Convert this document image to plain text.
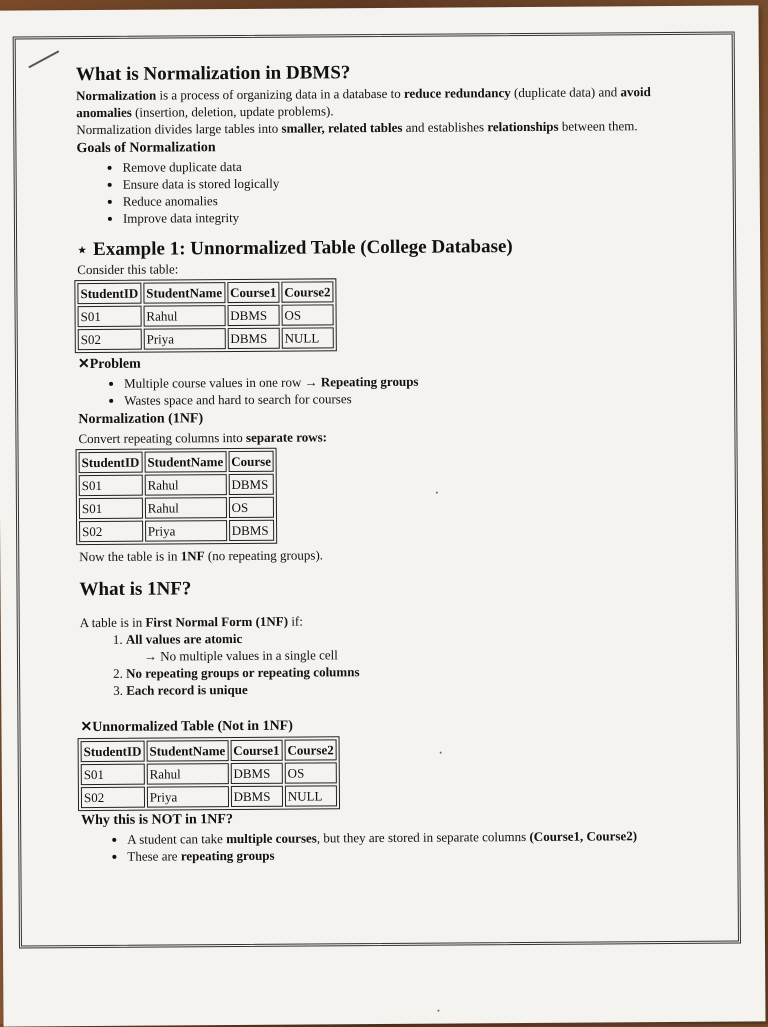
What is Normalization in DBMS?

Normalization is a process of organizing data in a database to reduce redundancy (duplicate data) and avoid anomalies (insertion, deletion, update problems).

Normalization divides large tables into smaller, related tables and establishes relationships between them.

Goals of Normalization
• Remove duplicate data
• Ensure data is stored logically
• Reduce anomalies
• Improve data integrity
⋆ Example 1: Unnormalized Table (College Database)

Consider this table:

StudentID	StudentName	Course1	Course2
S01	Rahul	DBMS	OS
S02	Priya	DBMS	NULL
✕Problem
• Multiple course values in one row → Repeating groups
• Wastes space and hard to search for courses
Normalization (1NF)

Convert repeating columns into separate rows:

StudentID	StudentName	Course
S01	Rahul	DBMS
S01	Rahul	OS
S02	Priya	DBMS

Now the table is in 1NF (no repeating groups).

What is 1NF?

A table is in First Normal Form (1NF) if:

1. All values are atomic
→ No multiple values in a single cell
2. No repeating groups or repeating columns
3. Each record is unique
✕Unnormalized Table (Not in 1NF)
StudentID	StudentName	Course1	Course2
S01	Rahul	DBMS	OS
S02	Priya	DBMS	NULL
Why this is NOT in 1NF?
• A student can take multiple courses, but they are stored in separate columns (Course1, Course2)
• These are repeating groups
